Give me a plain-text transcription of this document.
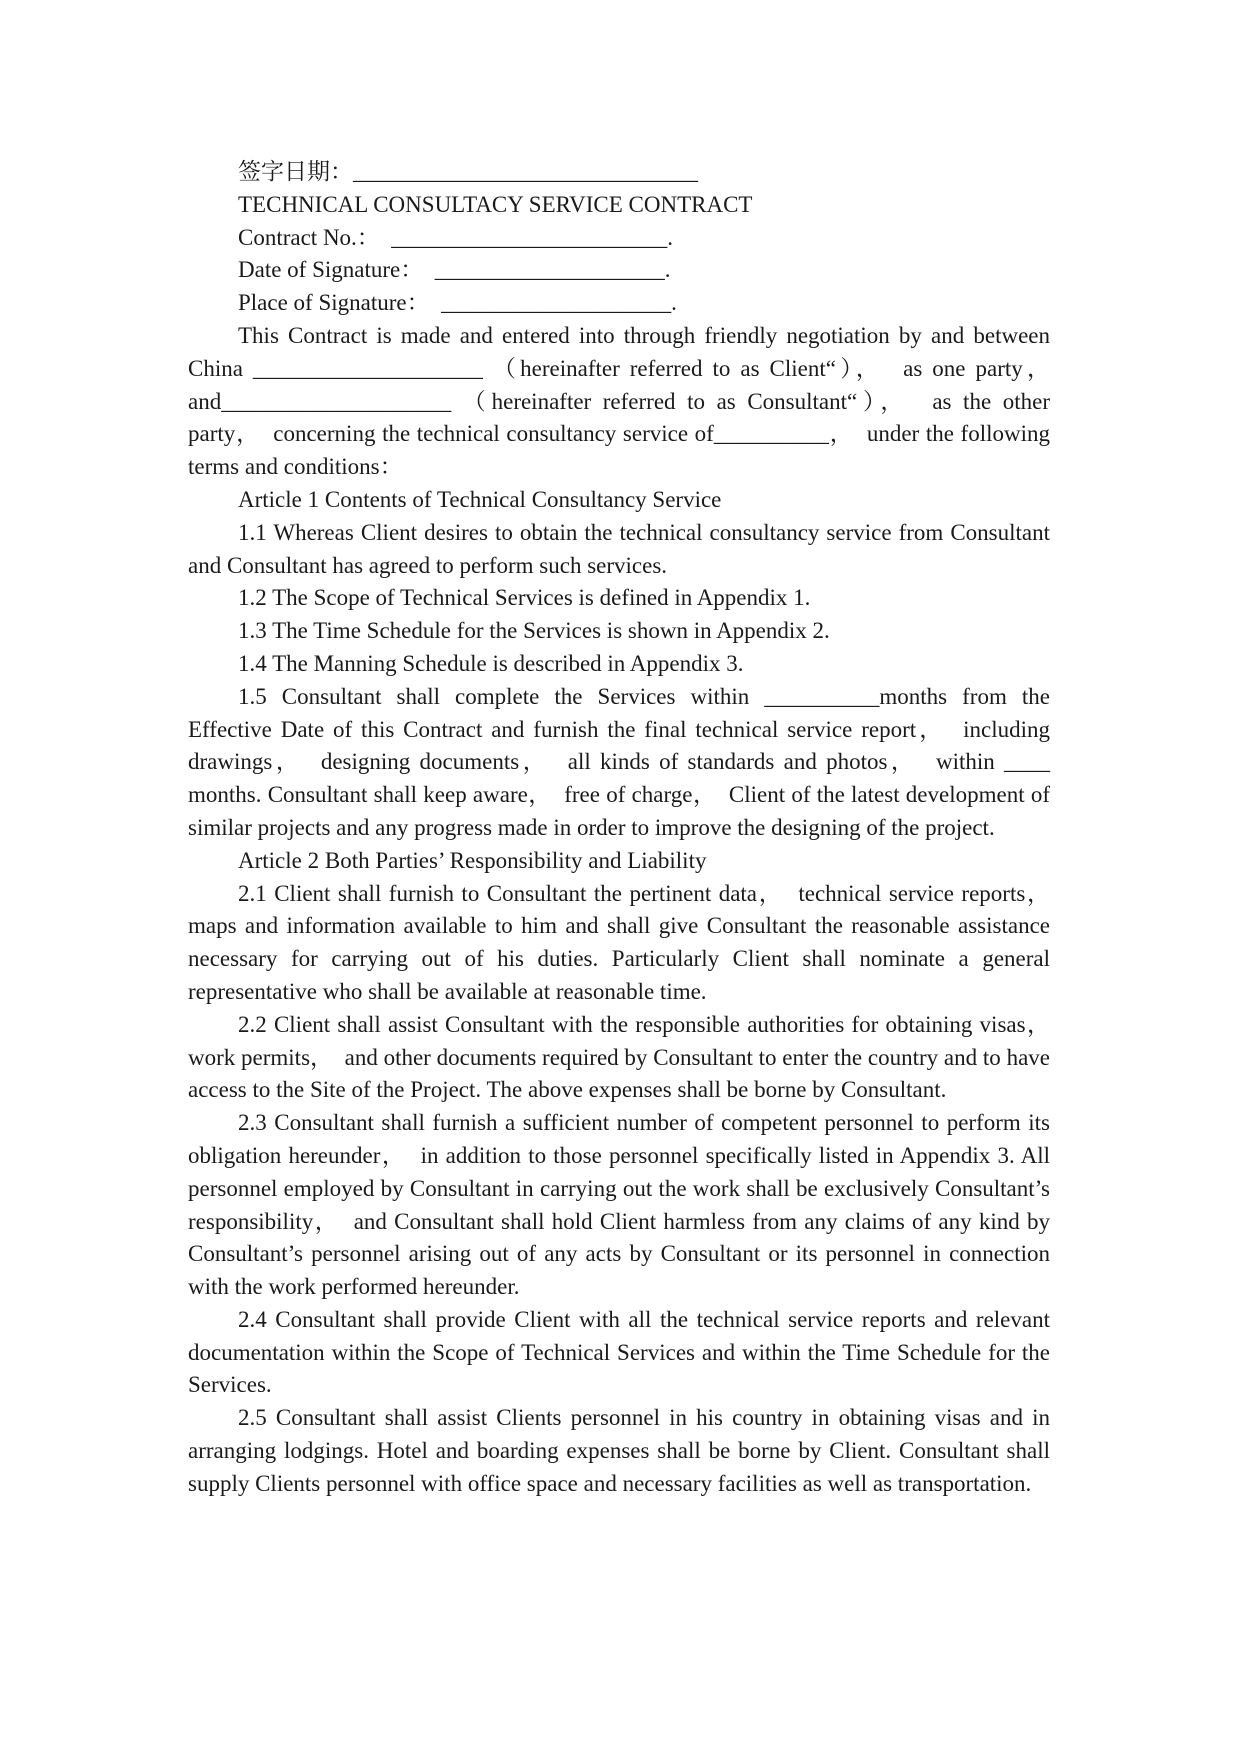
签字日期：______________________________

TECHNICAL CONSULTACY SERVICE CONTRACT

Contract No.：  ________________________.

Date of Signature：  ____________________.

Place of Signature：  ____________________.

This Contract is made and entered into through friendly negotiation by and between China ____________________ （hereinafter referred to as Client“），  as one party，  and____________________ （hereinafter referred to as Consultant“），  as the other party，  concerning the technical consultancy service of__________，  under the following terms and conditions：

Article 1 Contents of Technical Consultancy Service

1.1 Whereas Client desires to obtain the technical consultancy service from Consultant and Consultant has agreed to perform such services.

1.2 The Scope of Technical Services is defined in Appendix 1.

1.3 The Time Schedule for the Services is shown in Appendix 2.

1.4 The Manning Schedule is described in Appendix 3.

1.5 Consultant shall complete the Services within __________months from the Effective Date of this Contract and furnish the final technical service report，  including drawings，  designing documents，  all kinds of standards and photos，  within ____ months. Consultant shall keep aware，  free of charge，  Client of the latest development of similar projects and any progress made in order to improve the designing of the project.

Article 2 Both Parties’ Responsibility and Liability

2.1 Client shall furnish to Consultant the pertinent data，  technical service reports，  maps and information available to him and shall give Consultant the reasonable assistance necessary for carrying out of his duties. Particularly Client shall nominate a general representative who shall be available at reasonable time.

2.2 Client shall assist Consultant with the responsible authorities for obtaining visas，  work permits，  and other documents required by Consultant to enter the country and to have access to the Site of the Project. The above expenses shall be borne by Consultant.

2.3 Consultant shall furnish a sufficient number of competent personnel to perform its obligation hereunder，  in addition to those personnel specifically listed in Appendix 3. All personnel employed by Consultant in carrying out the work shall be exclusively Consultant’s responsibility，  and Consultant shall hold Client harmless from any claims of any kind by Consultant’s personnel arising out of any acts by Consultant or its personnel in connection with the work performed hereunder.

2.4 Consultant shall provide Client with all the technical service reports and relevant documentation within the Scope of Technical Services and within the Time Schedule for the Services.

2.5 Consultant shall assist Clients personnel in his country in obtaining visas and in arranging lodgings. Hotel and boarding expenses shall be borne by Client. Consultant shall supply Clients personnel with office space and necessary facilities as well as transportation.
